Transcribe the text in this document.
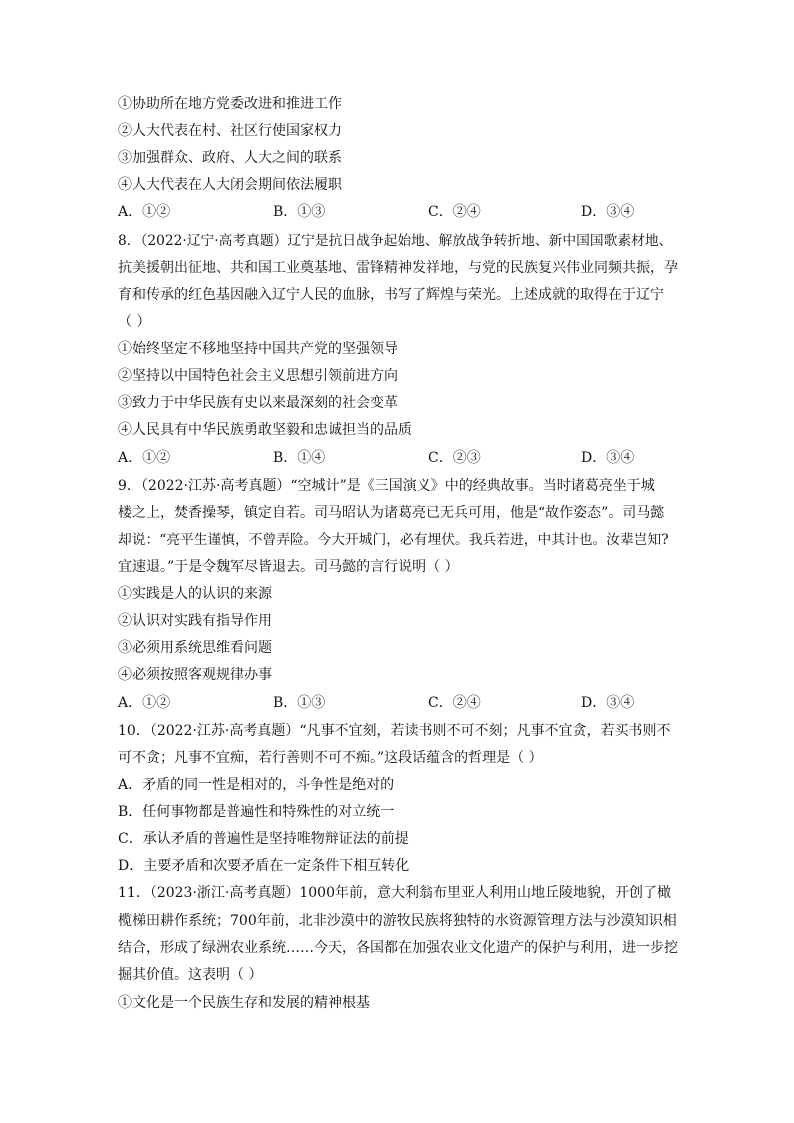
①协助所在地方党委改进和推进工作
②人大代表在村、社区行使国家权力
③加强群众、政府、人大之间的联系
④人大代表在人大闭会期间依法履职
A．①②	B．①③	C．②④	D．③④
8．（2022·辽宁·高考真题）辽宁是抗日战争起始地、解放战争转折地、新中国国歌素材地、
抗美援朝出征地、共和国工业奠基地、雷锋精神发祥地，与党的民族复兴伟业同频共振，孕
育和传承的红色基因融入辽宁人民的血脉，书写了辉煌与荣光。上述成就的取得在于辽宁
（ ）
①始终坚定不移地坚持中国共产党的坚强领导
②坚持以中国特色社会主义思想引领前进方向
③致力于中华民族有史以来最深刻的社会变革
④人民具有中华民族勇敢坚毅和忠诚担当的品质
A．①②	B．①④	C．②③	D．③④
9．（2022·江苏·高考真题）“空城计”是《三国演义》中的经典故事。当时诸葛亮坐于城
楼之上，焚香操琴，镇定自若。司马昭认为诸葛亮已无兵可用，他是“故作姿态”。司马懿
却说：“亮平生谨慎，不曾弄险。今大开城门，必有埋伏。我兵若进，中其计也。汝辈岂知?
宜速退。”于是令魏军尽皆退去。司马懿的言行说明（ ）
①实践是人的认识的来源
②认识对实践有指导作用
③必须用系统思维看问题
④必须按照客观规律办事
A．①②	B．①③	C．②④	D．③④
10．（2022·江苏·高考真题）“凡事不宜刻，若读书则不可不刻；凡事不宜贪，若买书则不
可不贪；凡事不宜痴，若行善则不可不痴。”这段话蕴含的哲理是（ ）
A．矛盾的同一性是相对的，斗争性是绝对的
B．任何事物都是普遍性和特殊性的对立统一
C．承认矛盾的普遍性是坚持唯物辩证法的前提
D．主要矛盾和次要矛盾在一定条件下相互转化
11．（2023·浙江·高考真题）1000年前，意大利翁布里亚人利用山地丘陵地貌，开创了橄
榄梯田耕作系统；700年前，北非沙漠中的游牧民族将独特的水资源管理方法与沙漠知识相
结合，形成了绿洲农业系统……今天，各国都在加强农业文化遗产的保护与利用，进一步挖
掘其价值。这表明（ ）
①文化是一个民族生存和发展的精神根基
